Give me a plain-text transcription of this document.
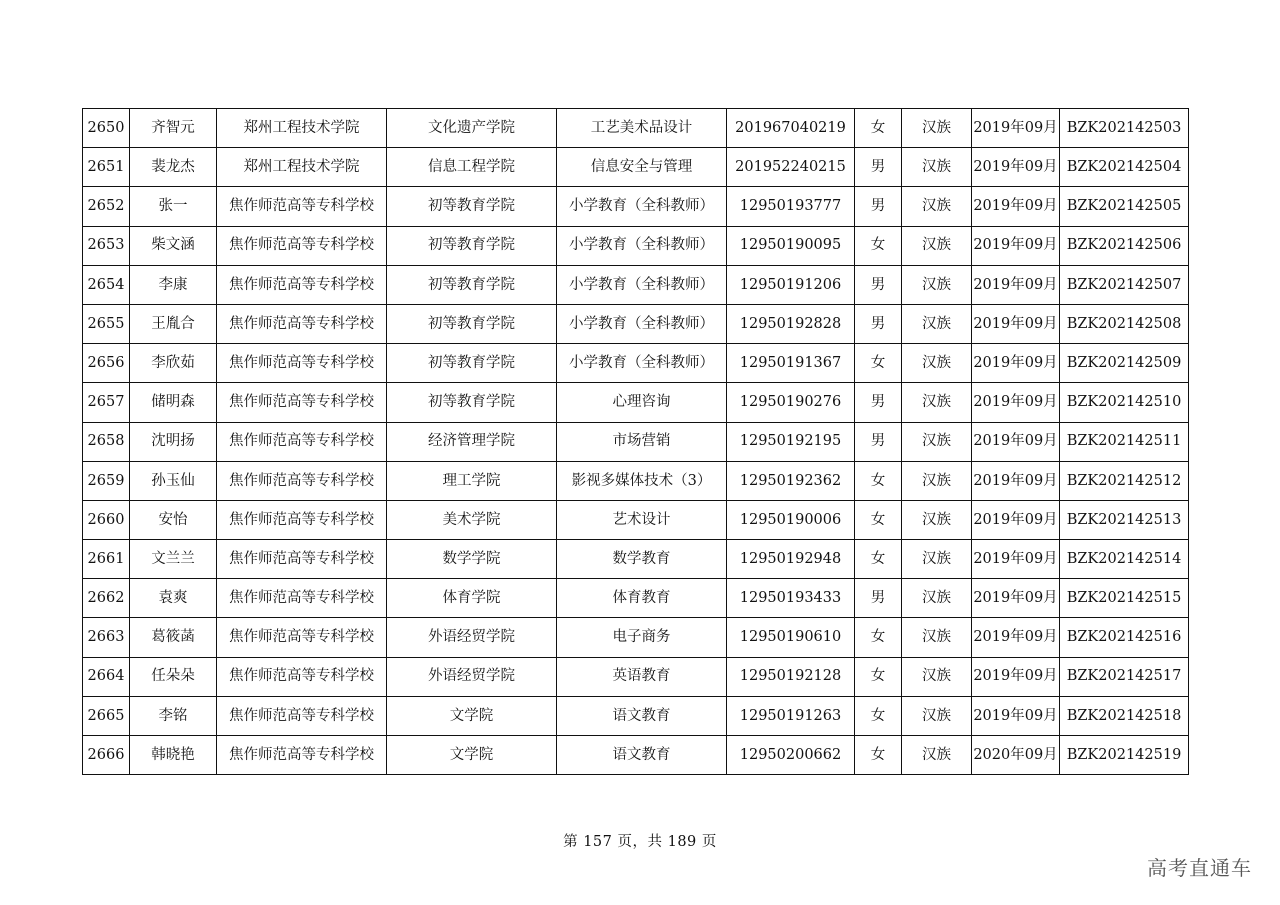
2650	齐智元	郑州工程技术学院	文化遗产学院	工艺美术品设计	201967040219	女	汉族	2019年09月	BZK202142503
2651	裴龙杰	郑州工程技术学院	信息工程学院	信息安全与管理	201952240215	男	汉族	2019年09月	BZK202142504
2652	张一	焦作师范高等专科学校	初等教育学院	小学教育（全科教师）	12950193777	男	汉族	2019年09月	BZK202142505
2653	柴文涵	焦作师范高等专科学校	初等教育学院	小学教育（全科教师）	12950190095	女	汉族	2019年09月	BZK202142506
2654	李康	焦作师范高等专科学校	初等教育学院	小学教育（全科教师）	12950191206	男	汉族	2019年09月	BZK202142507
2655	王胤合	焦作师范高等专科学校	初等教育学院	小学教育（全科教师）	12950192828	男	汉族	2019年09月	BZK202142508
2656	李欣茹	焦作师范高等专科学校	初等教育学院	小学教育（全科教师）	12950191367	女	汉族	2019年09月	BZK202142509
2657	储明森	焦作师范高等专科学校	初等教育学院	心理咨询	12950190276	男	汉族	2019年09月	BZK202142510
2658	沈明扬	焦作师范高等专科学校	经济管理学院	市场营销	12950192195	男	汉族	2019年09月	BZK202142511
2659	孙玉仙	焦作师范高等专科学校	理工学院	影视多媒体技术（3）	12950192362	女	汉族	2019年09月	BZK202142512
2660	安怡	焦作师范高等专科学校	美术学院	艺术设计	12950190006	女	汉族	2019年09月	BZK202142513
2661	文兰兰	焦作师范高等专科学校	数学学院	数学教育	12950192948	女	汉族	2019年09月	BZK202142514
2662	袁爽	焦作师范高等专科学校	体育学院	体育教育	12950193433	男	汉族	2019年09月	BZK202142515
2663	葛筱菡	焦作师范高等专科学校	外语经贸学院	电子商务	12950190610	女	汉族	2019年09月	BZK202142516
2664	任朵朵	焦作师范高等专科学校	外语经贸学院	英语教育	12950192128	女	汉族	2019年09月	BZK202142517
2665	李铭	焦作师范高等专科学校	文学院	语文教育	12950191263	女	汉族	2019年09月	BZK202142518
2666	韩晓艳	焦作师范高等专科学校	文学院	语文教育	12950200662	女	汉族	2020年09月	BZK202142519
第 157 页，共 189 页
高考直通车
